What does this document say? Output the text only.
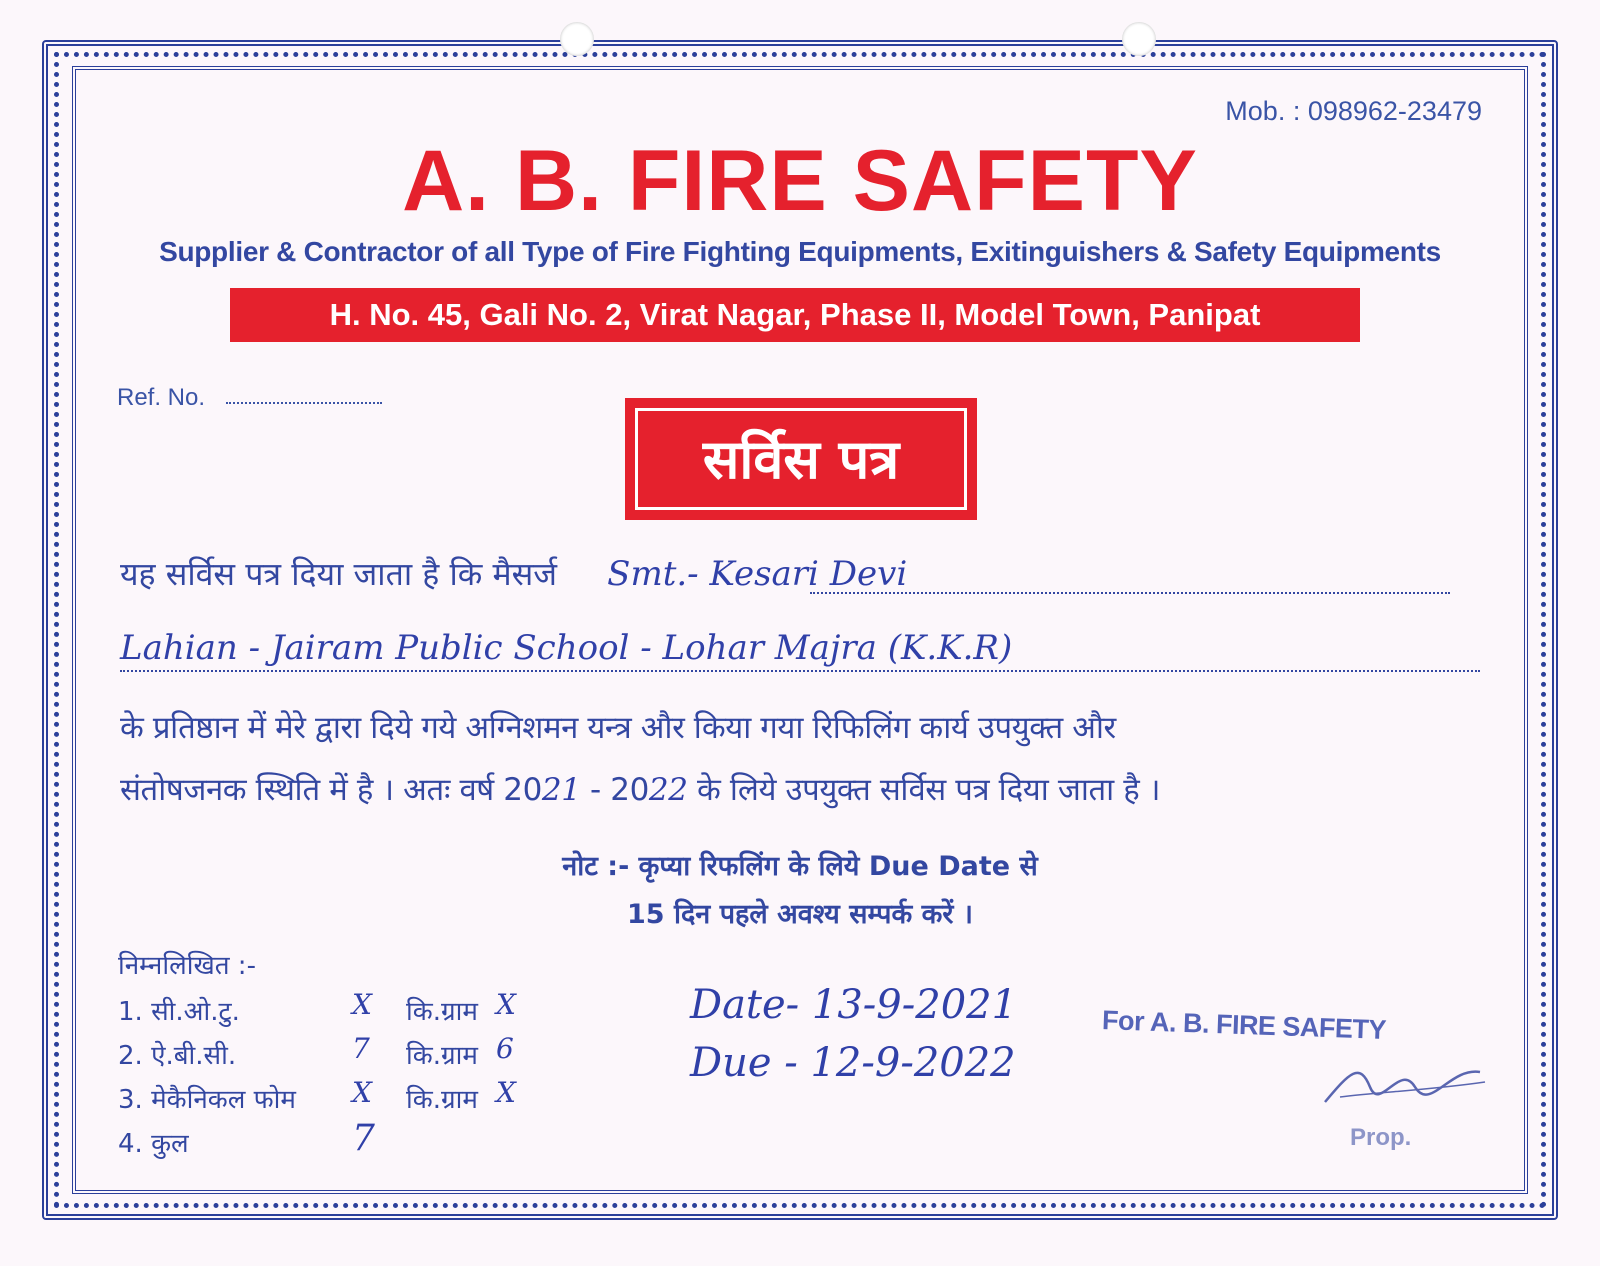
Mob. : 098962-23479
A. B. FIRE SAFETY
Supplier & Contractor of all Type of Fire Fighting Equipments, Exitinguishers & Safety Equipments
H. No. 45, Gali No. 2, Virat Nagar, Phase II, Model Town, Panipat
Ref. No.
सर्विस पत्र
यह सर्विस पत्र दिया जाता है कि मैसर्ज Smt.- Kesari Devi
Lahian - Jairam Public School - Lohar Majra (K.K.R)
के प्रतिष्ठान में मेरे द्वारा दिये गये अग्निशमन यन्त्र और किया गया रिफिलिंग कार्य उपयुक्त और
संतोषजनक स्थिति में है । अतः वर्ष 2021 - 2022 के लिये उपयुक्त सर्विस पत्र दिया जाता है ।
नोट :- कृप्या रिफलिंग के लिये Due Date से
15 दिन पहले अवश्य सम्पर्क करें ।
निम्नलिखित :-
1. सी.ओ.टु.	X कि.ग्राम X
2. ऐ.बी.सी.	7 कि.ग्राम 6
3. मेकैनिकल फोम X कि.ग्राम X
4. कुल	7
Date- 13-9-2021
Due - 12-9-2022
For A. B. FIRE SAFETY
Prop.
